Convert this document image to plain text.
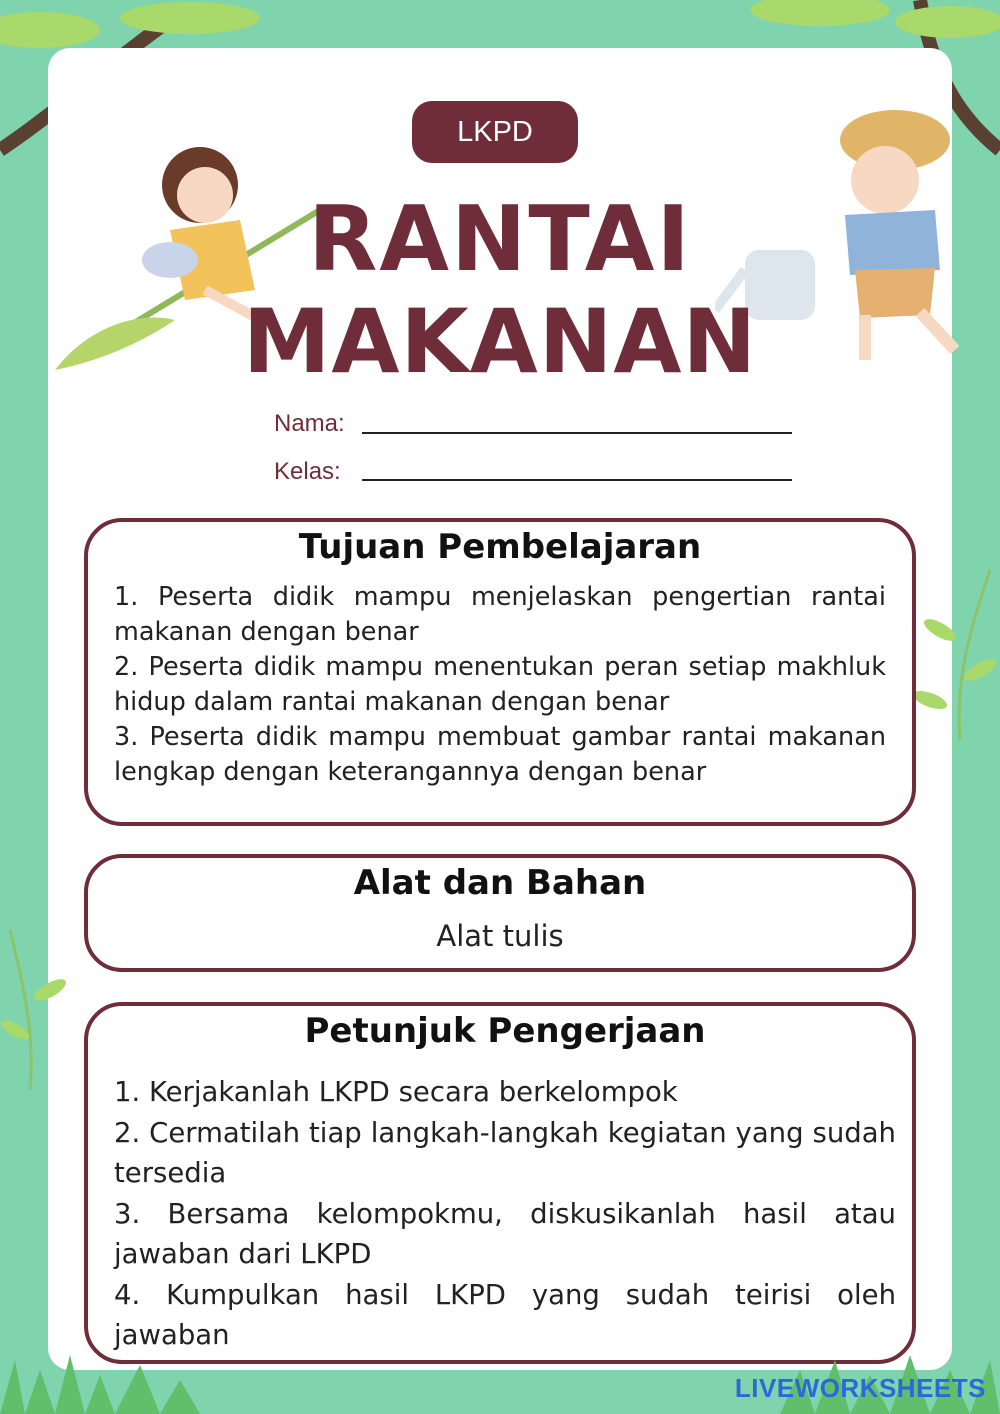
LKPD
RANTAI
MAKANAN
Nama:
Kelas:
Tujuan Pembelajaran
1. Peserta didik mampu menjelaskan pengertian rantai makanan dengan benar
2. Peserta didik mampu menentukan peran setiap makhluk hidup dalam rantai makanan dengan benar
3. Peserta didik mampu membuat gambar rantai makanan lengkap dengan keterangannya dengan benar
Alat dan Bahan
Alat tulis
Petunjuk Pengerjaan
1. Kerjakanlah LKPD secara berkelompok
2. Cermatilah tiap langkah-langkah kegiatan yang sudah tersedia
3. Bersama kelompokmu, diskusikanlah hasil atau jawaban dari LKPD
4. Kumpulkan hasil LKPD yang sudah teirisi oleh jawaban
LIVEWORKSHEETS
